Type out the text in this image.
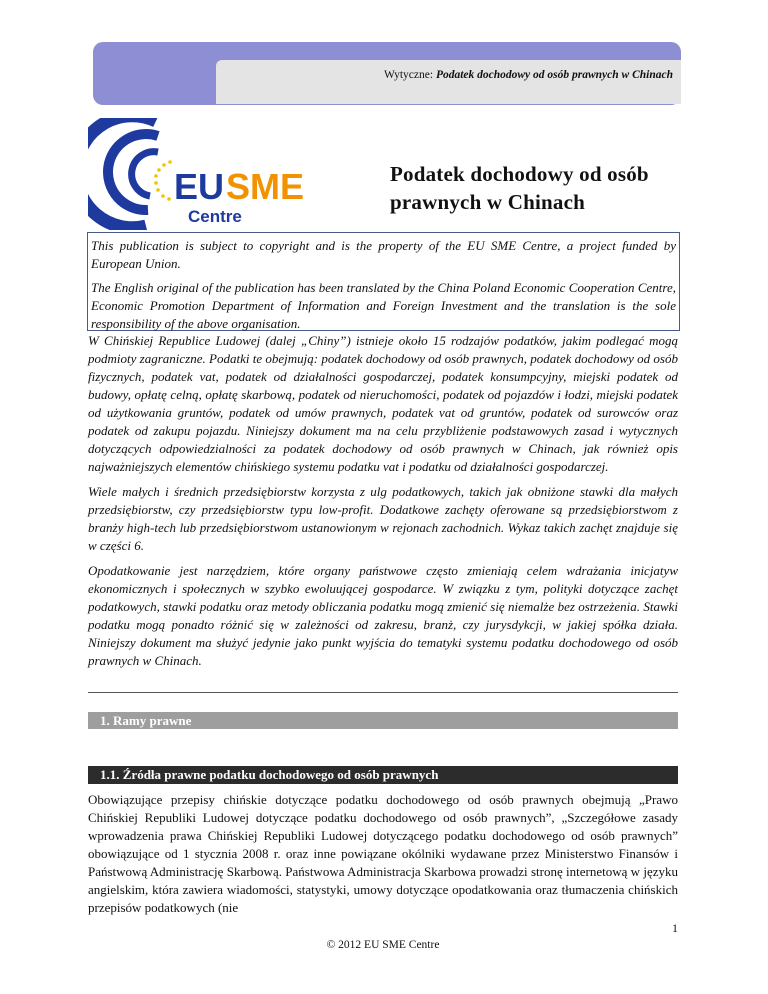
Wytyczne: Podatek dochodowy od osób prawnych w Chinach
EU SME
Centre
Podatek dochodowy od osób
prawnych w Chinach

This publication is subject to copyright and is the property of the EU SME Centre, a project funded by European Union.

The English original of the publication has been translated by the China Poland Economic Cooperation Centre, Economic Promotion Department of Information and Foreign Investment and the translation is the sole responsibility of the above organisation.

W Chińskiej Republice Ludowej (dalej „Chiny”) istnieje około 15 rodzajów podatków, jakim podlegać mogą podmioty zagraniczne. Podatki te obejmują: podatek dochodowy od osób prawnych, podatek dochodowy od osób fizycznych, podatek vat, podatek od działalności gospodarczej, podatek konsumpcyjny, miejski podatek od budowy, opłatę celną, opłatę skarbową, podatek od nieruchomości, podatek od pojazdów i łodzi, miejski podatek od użytkowania gruntów, podatek od umów prawnych, podatek vat od gruntów, podatek od surowców oraz podatek od zakupu pojazdu. Niniejszy dokument ma na celu przybliżenie podstawowych zasad i wytycznych dotyczących odpowiedzialności za podatek dochodowy od osób prawnych w Chinach, jak również opis najważniejszych elementów chińskiego systemu podatku vat i podatku od działalności gospodarczej.

Wiele małych i średnich przedsiębiorstw korzysta z ulg podatkowych, takich jak obniżone stawki dla małych przedsiębiorstw, czy przedsiębiorstw typu low-profit. Dodatkowe zachęty oferowane są przedsiębiorstwom z branży high-tech lub przedsiębiorstwom ustanowionym w rejonach zachodnich. Wykaz takich zachęt znajduje się w części 6.

Opodatkowanie jest narzędziem, które organy państwowe często zmieniają celem wdrażania inicjatyw ekonomicznych i społecznych w szybko ewoluującej gospodarce. W związku z tym, polityki dotyczące zachęt podatkowych, stawki podatku oraz metody obliczania podatku mogą zmienić się niemalże bez ostrzeżenia. Stawki podatku mogą ponadto różnić się w zależności od zakresu, branż, czy jurysdykcji, w jakiej spółka działa. Niniejszy dokument ma służyć jedynie jako punkt wyjścia do tematyki systemu podatku dochodowego od osób prawnych w Chinach.

1. Ramy prawne
1.1. Źródła prawne podatku dochodowego od osób prawnych

Obowiązujące przepisy chińskie dotyczące podatku dochodowego od osób prawnych obejmują „Prawo Chińskiej Republiki Ludowej dotyczące podatku dochodowego od osób prawnych”, „Szczegółowe zasady wprowadzenia prawa Chińskiej Republiki Ludowej dotyczącego podatku dochodowego od osób prawnych” obowiązujące od 1 stycznia 2008 r. oraz inne powiązane okólniki wydawane przez Ministerstwo Finansów i Państwową Administrację Skarbową. Państwowa Administracja Skarbowa prowadzi stronę internetową w języku angielskim, która zawiera wiadomości, statystyki, umowy dotyczące opodatkowania oraz tłumaczenia chińskich przepisów podatkowych (nie

1
© 2012 EU SME Centre
